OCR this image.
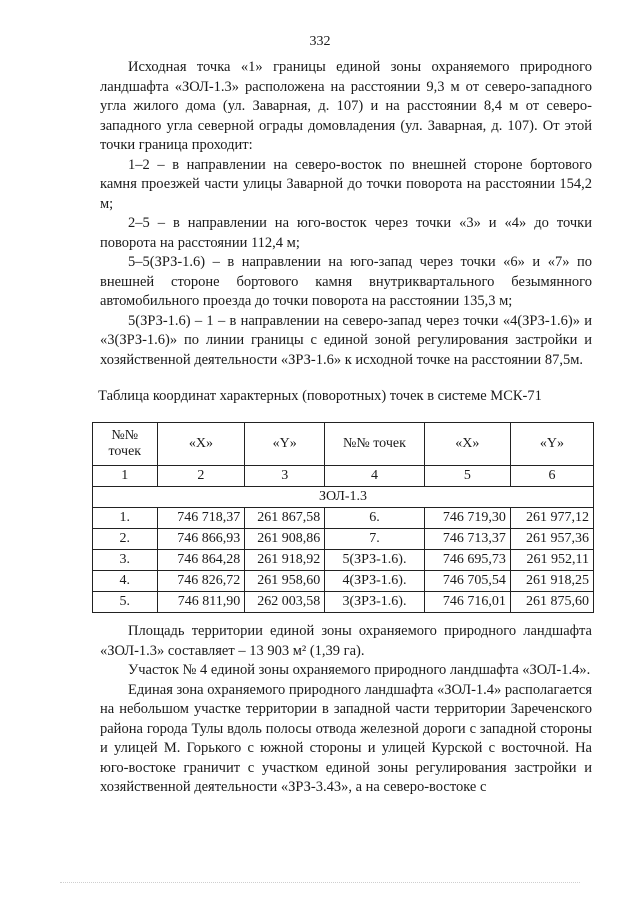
332

Исходная точка «1» границы единой зоны охраняемого природного ландшафта «ЗОЛ-1.3» расположена на расстоянии 9,3 м от северо-западного угла жилого дома (ул. Заварная, д. 107) и на расстоянии 8,4 м от северо-западного угла северной ограды домовладения (ул. Заварная, д. 107). От этой точки граница проходит:

1–2 – в направлении на северо-восток по внешней стороне бортового камня проезжей части улицы Заварной до точки поворота на расстоянии 154,2 м;

2–5 – в направлении на юго-восток через точки «3» и «4» до точки поворота на расстоянии 112,4 м;

5–5(ЗРЗ-1.6) – в направлении на юго-запад через точки «6» и «7» по внешней стороне бортового камня внутриквартального безымянного автомобильного проезда до точки поворота на расстоянии 135,3 м;

5(ЗРЗ-1.6) – 1 – в направлении на северо-запад через точки «4(ЗРЗ-1.6)» и «3(ЗРЗ-1.6)» по линии границы с единой зоной регулирования застройки и хозяйственной деятельности «ЗРЗ-1.6» к исходной точке на расстоянии 87,5м.

Таблица координат характерных (поворотных) точек в системе МСК-71
№№ точек	«X»	«Y»	№№ точек	«X»	«Y»
1	2	3	4	5	6
ЗОЛ-1.3					
1.	746 718,37	261 867,58	6.	746 719,30	261 977,12
2.	746 866,93	261 908,86	7.	746 713,37	261 957,36
3.	746 864,28	261 918,92	5(ЗРЗ-1.6).	746 695,73	261 952,11
4.	746 826,72	261 958,60	4(ЗРЗ-1.6).	746 705,54	261 918,25
5.	746 811,90	262 003,58	3(ЗРЗ-1.6).	746 716,01	261 875,60

Площадь территории единой зоны охраняемого природного ландшафта «ЗОЛ-1.3» составляет – 13 903 м² (1,39 га).

Участок № 4 единой зоны охраняемого природного ландшафта «ЗОЛ-1.4».

Единая зона охраняемого природного ландшафта «ЗОЛ-1.4» располагается на небольшом участке территории в западной части территории Зареченского района города Тулы вдоль полосы отвода железной дороги с западной стороны и улицей М. Горького с южной стороны и улицей Курской с восточной. На юго-востоке граничит с участком единой зоны регулирования застройки и хозяйственной деятельности «ЗРЗ-3.43», а на северо-востоке с
